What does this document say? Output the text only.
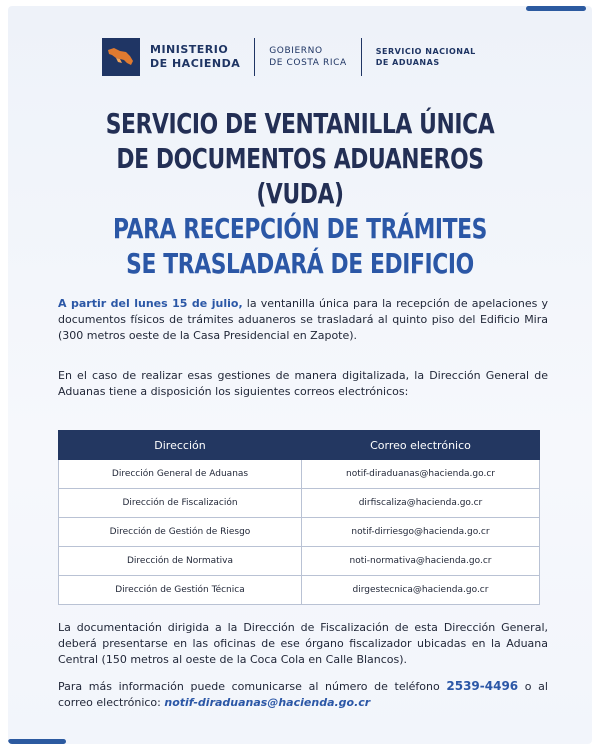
MINISTERIO
DE HACIENDA
GOBIERNO
DE COSTA RICA
SERVICIO NACIONAL
DE ADUANAS
SERVICIO DE VENTANILLA ÚNICA
DE DOCUMENTOS ADUANEROS (VUDA)
PARA RECEPCIÓN DE TRÁMITES
SE TRASLADARÁ DE EDIFICIO
A partir del lunes 15 de julio, la ventanilla única para la recepción de apelaciones y documentos físicos de trámites aduaneros se trasladará al quinto piso del Edificio Mira (300 metros oeste de la Casa Presidencial en Zapote).
En el caso de realizar esas gestiones de manera digitalizada, la Dirección General de Aduanas tiene a disposición los siguientes correos electrónicos:
Dirección	Correo electrónico
Dirección General de Aduanas	notif-diraduanas@hacienda.go.cr
Dirección de Fiscalización	dirfiscaliza@hacienda.go.cr
Dirección de Gestión de Riesgo	notif-dirriesgo@hacienda.go.cr
Dirección de Normativa	noti-normativa@hacienda.go.cr
Dirección de Gestión Técnica	dirgestecnica@hacienda.go.cr
La documentación dirigida a la Dirección de Fiscalización de esta Dirección General, deberá presentarse en las oficinas de ese órgano fiscalizador ubicadas en la Aduana Central (150 metros al oeste de la Coca Cola en Calle Blancos).
Para más información puede comunicarse al número de teléfono 2539-4496 o al correo electrónico: notif-diraduanas@hacienda.go.cr
